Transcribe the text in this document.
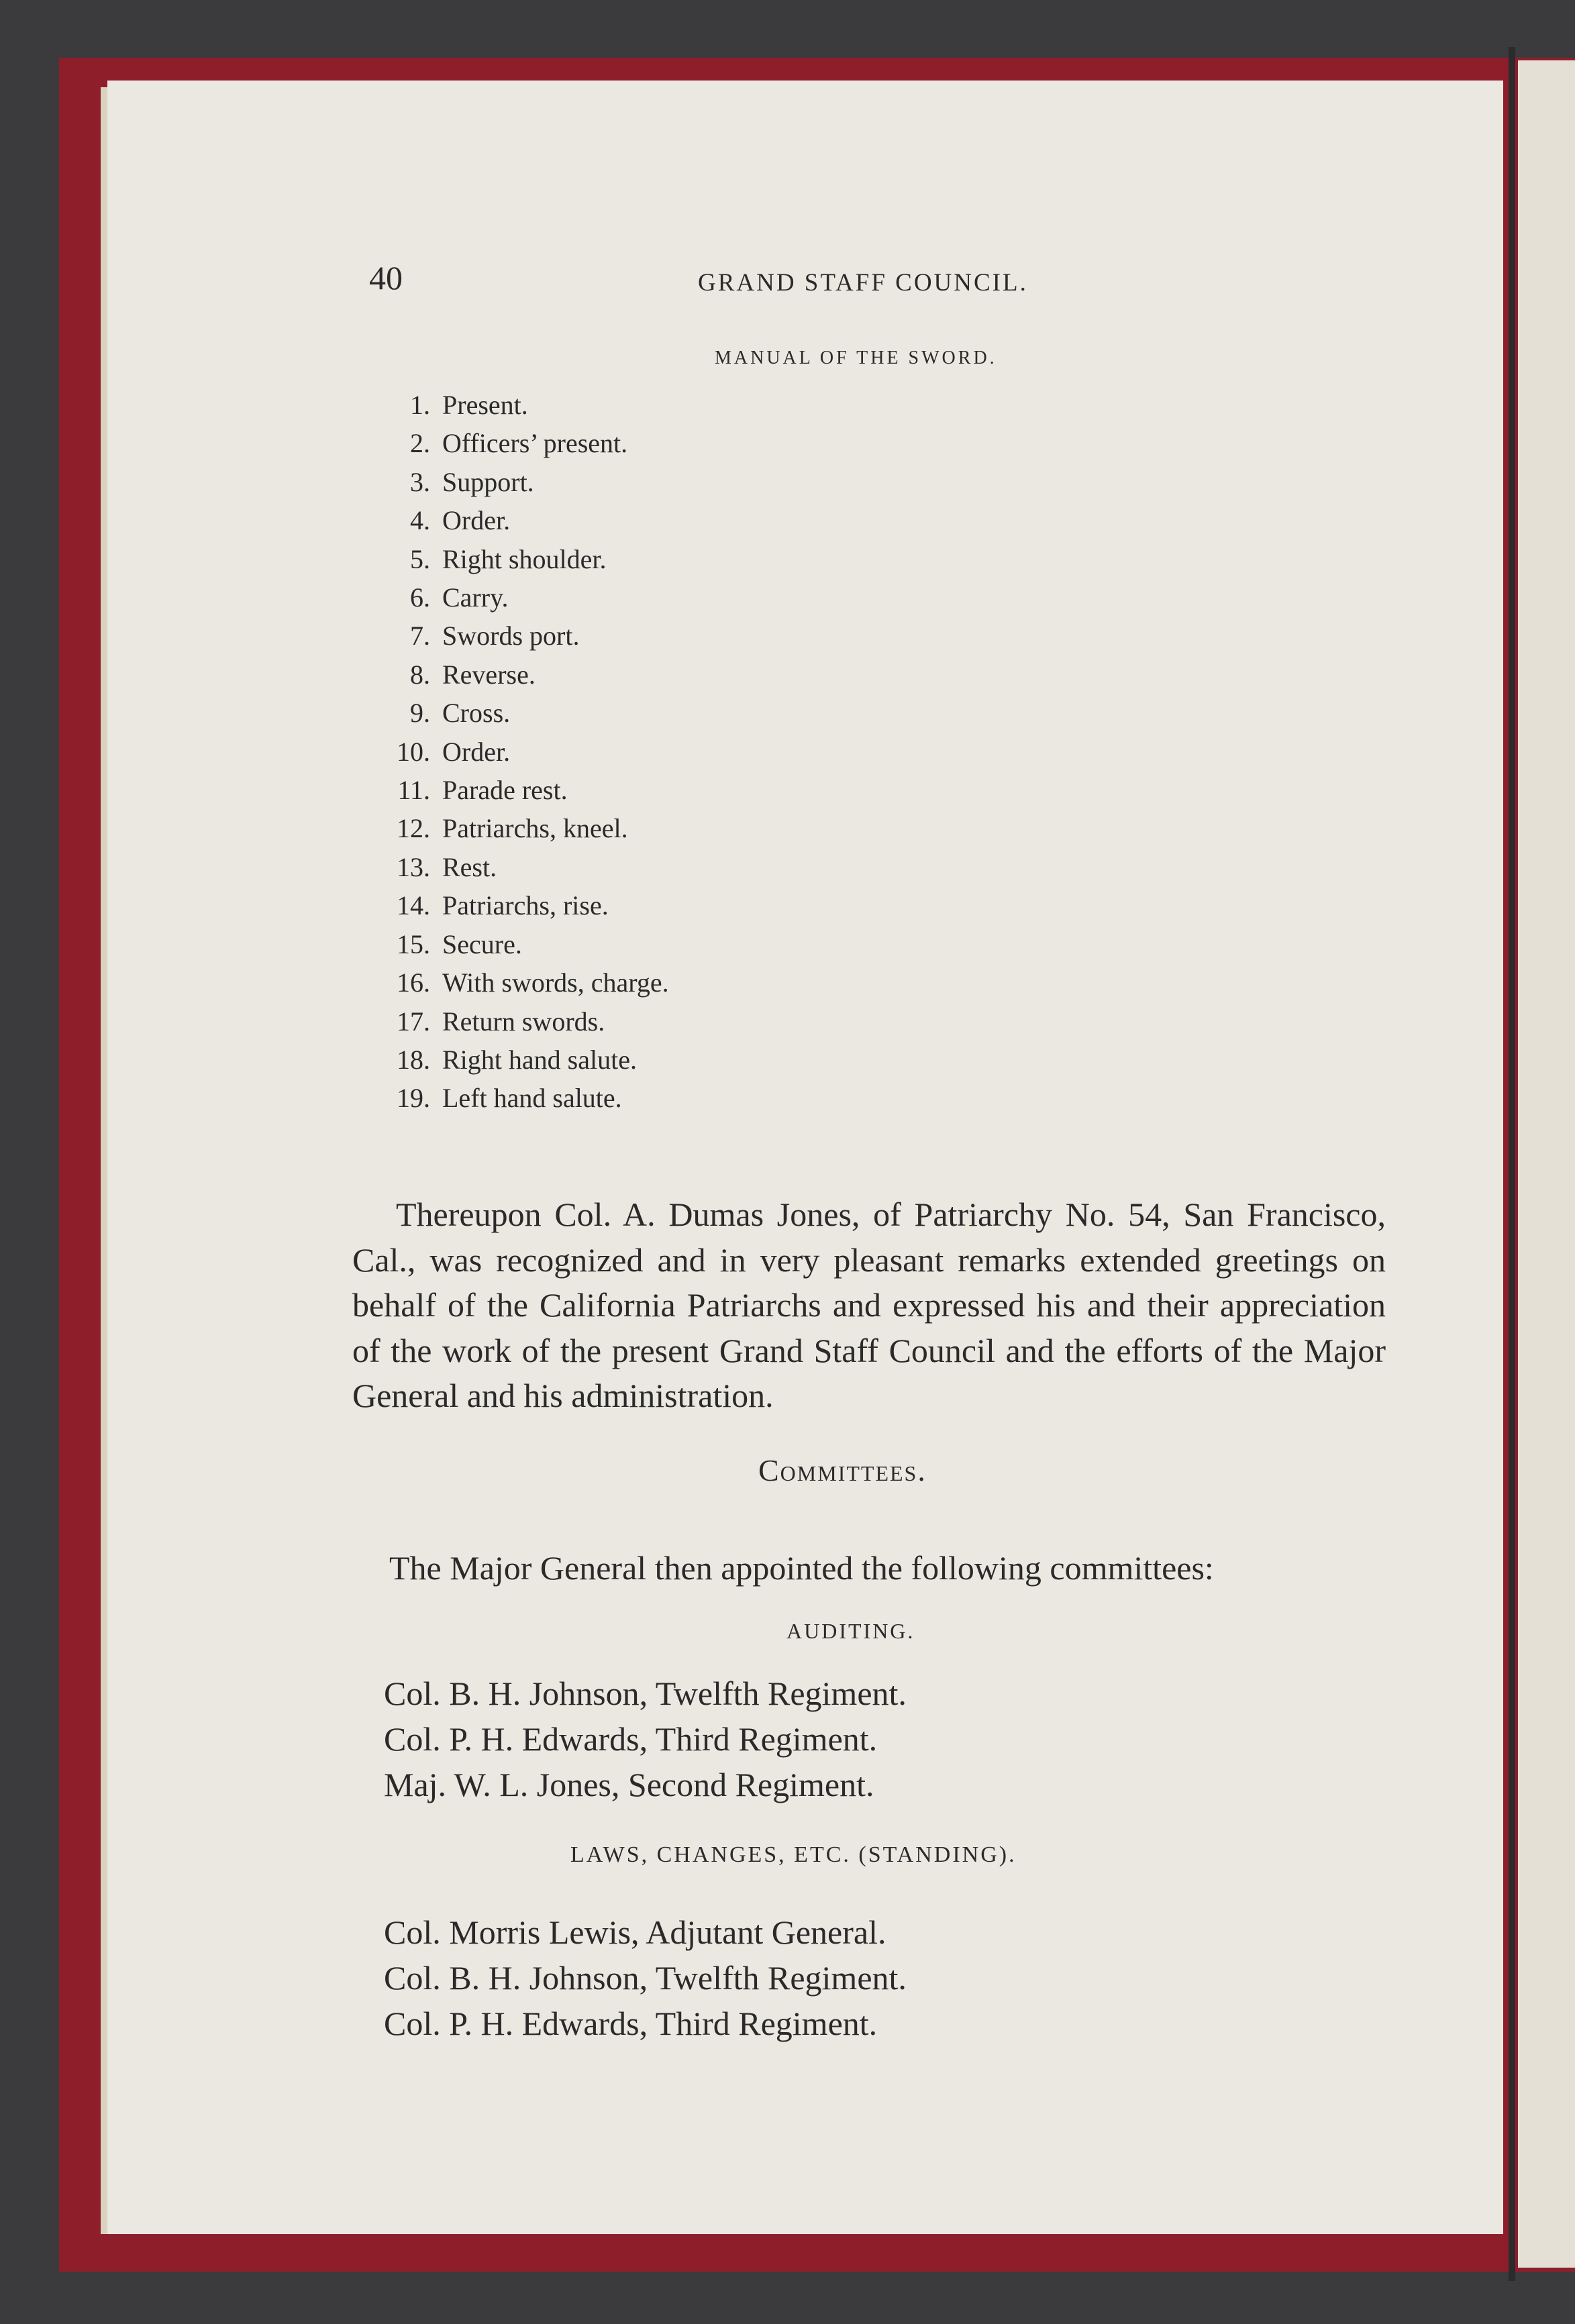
40	GRAND STAFF COUNCIL.
MANUAL OF THE SWORD.
1. Present.
2. Officers’ present.
3. Support.
4. Order.
5. Right shoulder.
6. Carry.
7. Swords port.
8. Reverse.
9. Cross.
10. Order.
11. Parade rest.
12. Patriarchs, kneel.
13. Rest.
14. Patriarchs, rise.
15. Secure.
16. With swords, charge.
17. Return swords.
18. Right hand salute.
19. Left hand salute.

Thereupon Col. A. Dumas Jones, of Patriarchy No. 54, San Francisco, Cal., was recognized and in very pleasant remarks extended greetings on behalf of the California Patriarchs and expressed his and their appreciation of the work of the present Grand Staff Council and the efforts of the Major General and his administration.

Committees.

The Major General then appointed the following committees:

AUDITING.
Col. B. H. Johnson, Twelfth Regiment.
Col. P. H. Edwards, Third Regiment.
Maj. W. L. Jones, Second Regiment.
LAWS, CHANGES, ETC. (STANDING).
Col. Morris Lewis, Adjutant General.
Col. B. H. Johnson, Twelfth Regiment.
Col. P. H. Edwards, Third Regiment.
